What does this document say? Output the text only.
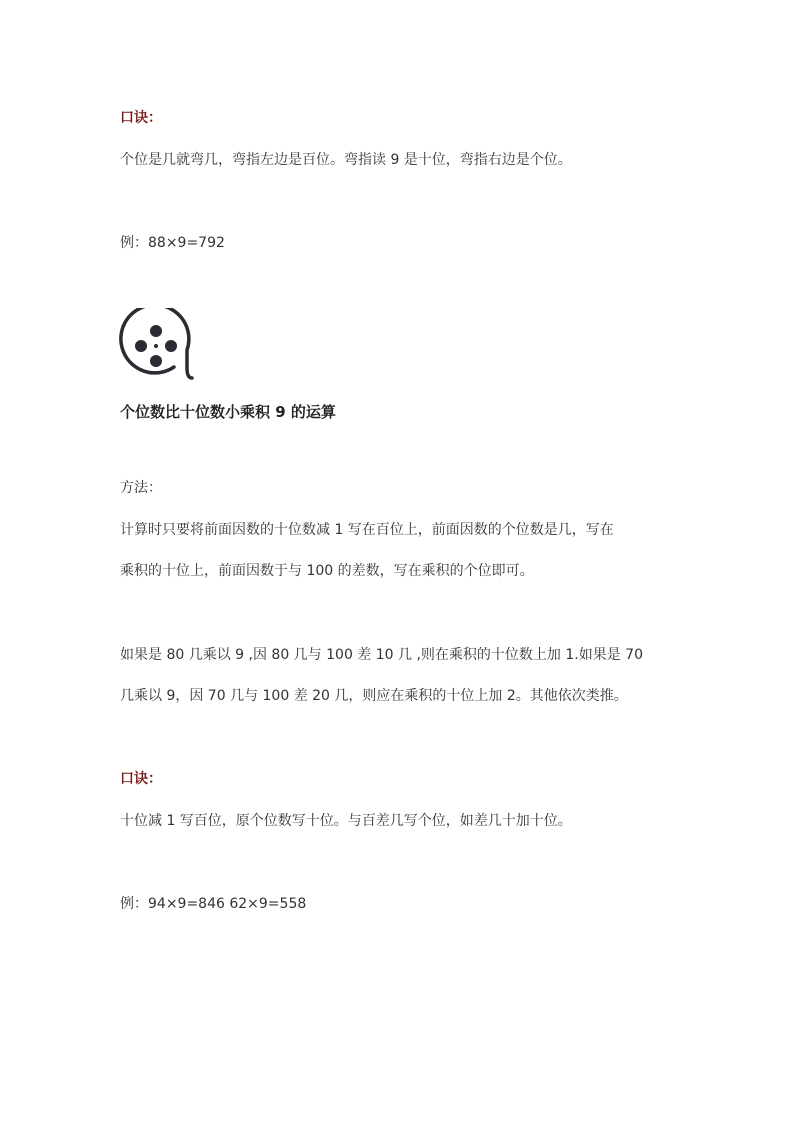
口诀：
个位是几就弯几，弯指左边是百位。弯指读 9 是十位，弯指右边是个位。
例：88×9=792
个位数比十位数小乘积 9 的运算
方法：
计算时只要将前面因数的十位数减 1 写在百位上，前面因数的个位数是几，写在
乘积的十位上，前面因数于与 100 的差数，写在乘积的个位即可。
如果是 80 几乘以 9 ,因 80 几与 100 差 10 几 ,则在乘积的十位数上加 1.如果是 70
几乘以 9，因 70 几与 100 差 20 几，则应在乘积的十位上加 2。其他依次类推。
口诀：
十位减 1 写百位，原个位数写十位。与百差几写个位，如差几十加十位。
例：94×9=846 62×9=558
